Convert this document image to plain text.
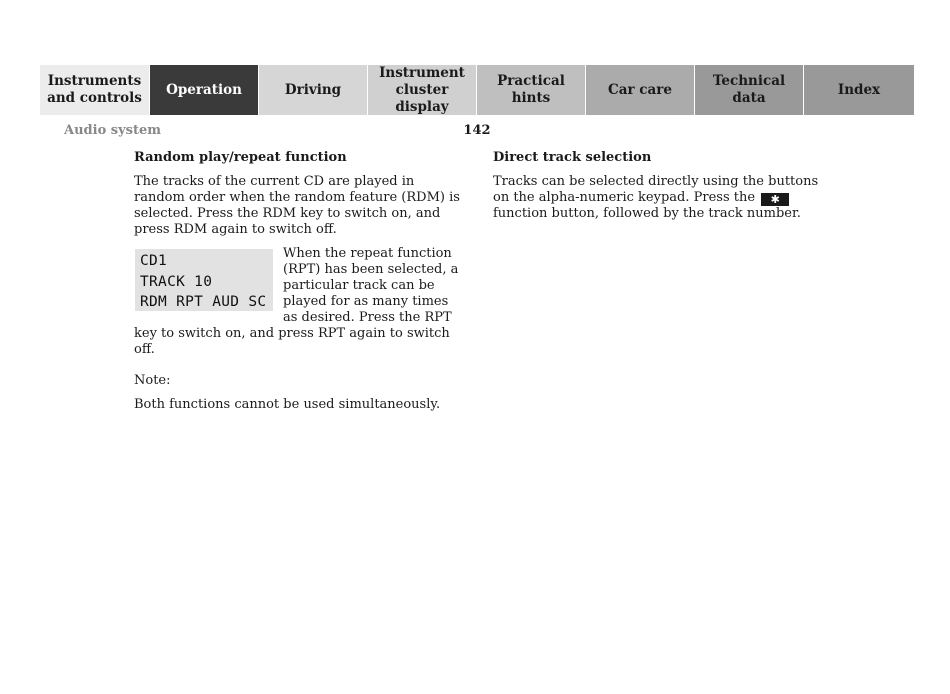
Instruments
and controls
Operation	Driving
Instrument
cluster display
Practical hints
Car care
Technical
data
Index
Audio system	142
Random play/repeat function

The tracks of the current CD are played in random order when the random feature (RDM) is selected. Press the RDM key to switch on, and press RDM again to switch off.

CD1
TRACK 10
RDM RPT AUD SC
When the repeat function (RPT) has been selected, a particular track can be played for as many times as desired. Press the RPT key to switch on, and press RPT again to switch off.

Note:

Both functions cannot be used simultaneously.

Direct track selection

Tracks can be selected directly using the buttons on the alpha-numeric keypad. Press the ✱ function button, followed by the track number.
